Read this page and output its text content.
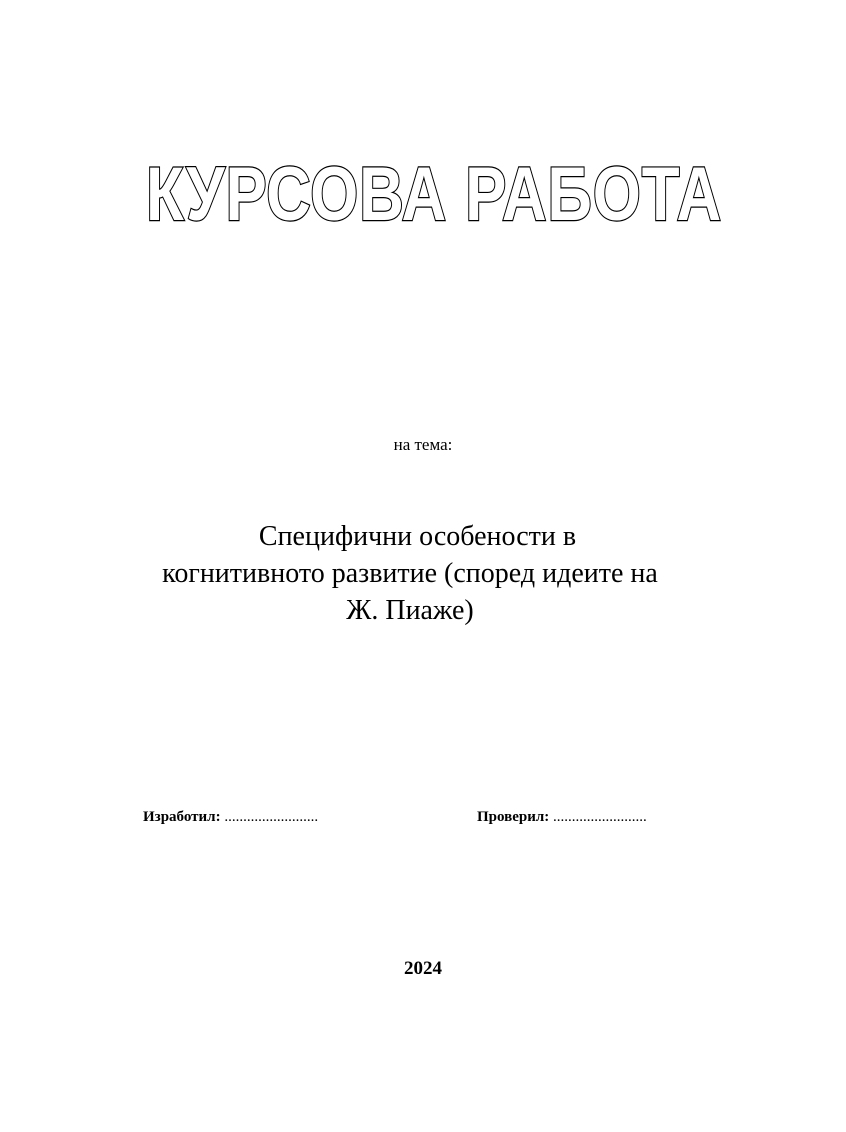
КУРСОВА РАБОТА
на тема:
Специфични особености в
когнитивното развитие (според идеите на
Ж. Пиаже)
Изработил: .........................	Проверил: .........................
2024
